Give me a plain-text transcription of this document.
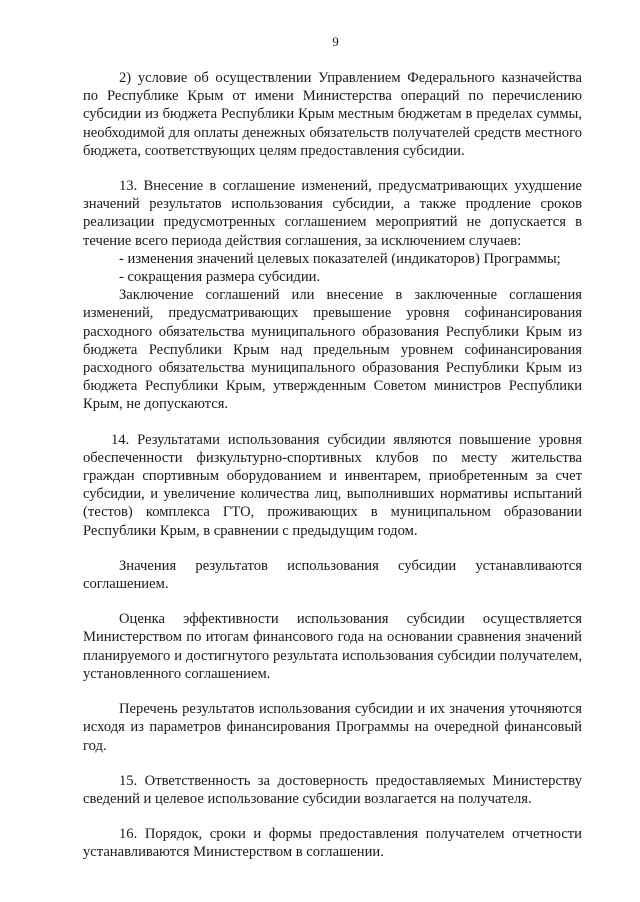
9

2) условие об осуществлении Управлением Федерального казначейства по Республике Крым от имени Министерства операций по перечислению субсидии из бюджета Республики Крым местным бюджетам в пределах суммы, необходимой для оплаты денежных обязательств получателей средств местного бюджета, соответствующих целям предоставления субсидии.

13. Внесение в соглашение изменений, предусматривающих ухудшение значений результатов использования субсидии, а также продление сроков реализации предусмотренных соглашением мероприятий не допускается в течение всего периода действия соглашения, за исключением случаев:

- изменения значений целевых показателей (индикаторов) Программы;

- сокращения размера субсидии.

Заключение соглашений или внесение в заключенные соглашения изменений, предусматривающих превышение уровня софинансирования расходного обязательства муниципального образования Республики Крым из бюджета Республики Крым над предельным уровнем софинансирования расходного обязательства муниципального образования Республики Крым из бюджета Республики Крым, утвержденным Советом министров Республики Крым, не допускаются.

14. Результатами использования субсидии являются повышение уровня обеспеченности физкультурно-спортивных клубов по месту жительства граждан спортивным оборудованием и инвентарем, приобретенным за счет субсидии, и увеличение количества лиц, выполнивших нормативы испытаний (тестов) комплекса ГТО, проживающих в муниципальном образовании Республики Крым, в сравнении с предыдущим годом.

Значения результатов использования субсидии устанавливаются соглашением.

Оценка эффективности использования субсидии осуществляется Министерством по итогам финансового года на основании сравнения значений планируемого и достигнутого результата использования субсидии получателем, установленного соглашением.

Перечень результатов использования субсидии и их значения уточняются исходя из параметров финансирования Программы на очередной финансовый год.

15. Ответственность за достоверность предоставляемых Министерству сведений и целевое использование субсидии возлагается на получателя.

16. Порядок, сроки и формы предоставления получателем отчетности устанавливаются Министерством в соглашении.
